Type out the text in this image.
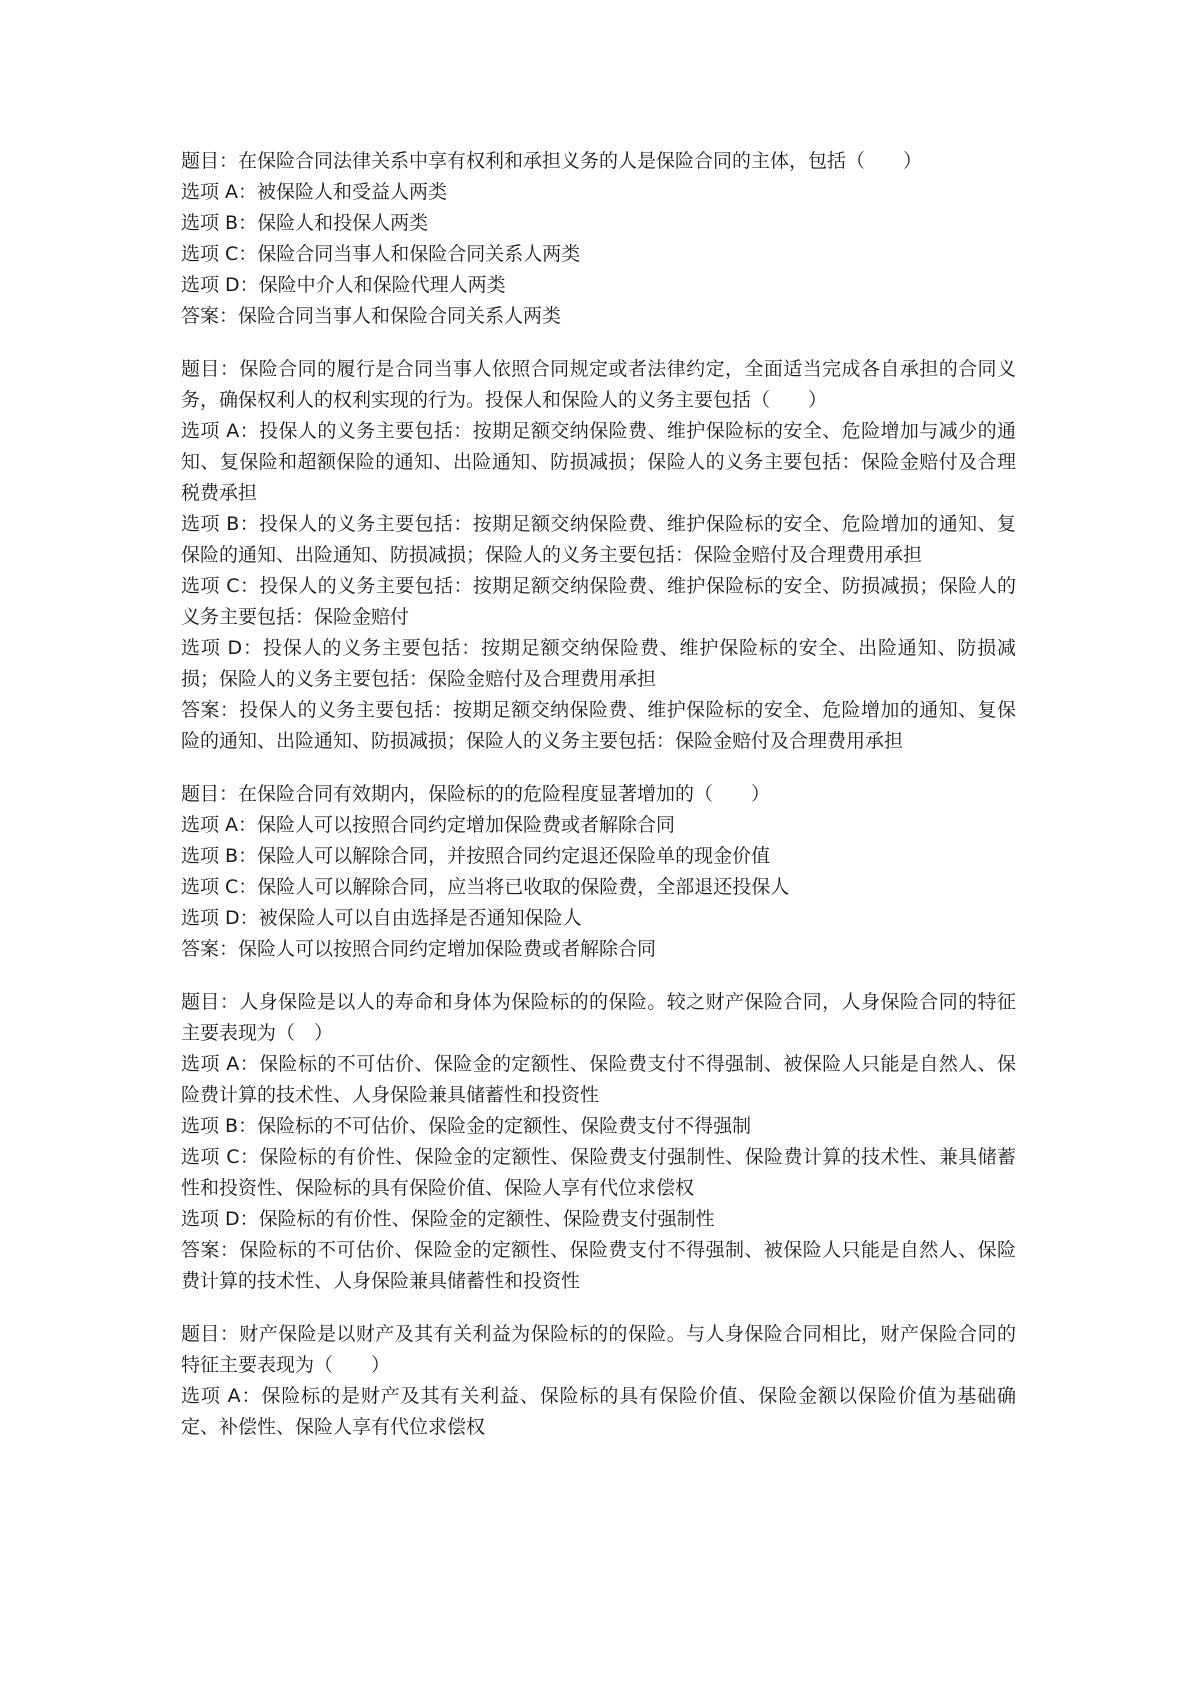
题目：在保险合同法律关系中享有权利和承担义务的人是保险合同的主体，包括（　　）

选项 A：被保险人和受益人两类

选项 B：保险人和投保人两类

选项 C：保险合同当事人和保险合同关系人两类

选项 D：保险中介人和保险代理人两类

答案：保险合同当事人和保险合同关系人两类

题目：保险合同的履行是合同当事人依照合同规定或者法律约定，全面适当完成各自承担的合同义务，确保权利人的权利实现的行为。投保人和保险人的义务主要包括（　　）

选项 A：投保人的义务主要包括：按期足额交纳保险费、维护保险标的安全、危险增加与减少的通知、复保险和超额保险的通知、出险通知、防损减损；保险人的义务主要包括：保险金赔付及合理税费承担

选项 B：投保人的义务主要包括：按期足额交纳保险费、维护保险标的安全、危险增加的通知、复保险的通知、出险通知、防损减损；保险人的义务主要包括：保险金赔付及合理费用承担

选项 C：投保人的义务主要包括：按期足额交纳保险费、维护保险标的安全、防损减损；保险人的义务主要包括：保险金赔付

选项 D：投保人的义务主要包括：按期足额交纳保险费、维护保险标的安全、出险通知、防损减损；保险人的义务主要包括：保险金赔付及合理费用承担

答案：投保人的义务主要包括：按期足额交纳保险费、维护保险标的安全、危险增加的通知、复保险的通知、出险通知、防损减损；保险人的义务主要包括：保险金赔付及合理费用承担

题目：在保险合同有效期内，保险标的的危险程度显著增加的（　　）

选项 A：保险人可以按照合同约定增加保险费或者解除合同

选项 B：保险人可以解除合同，并按照合同约定退还保险单的现金价值

选项 C：保险人可以解除合同，应当将已收取的保险费，全部退还投保人

选项 D：被保险人可以自由选择是否通知保险人

答案：保险人可以按照合同约定增加保险费或者解除合同

题目：人身保险是以人的寿命和身体为保险标的的保险。较之财产保险合同，人身保险合同的特征主要表现为（　）

选项 A：保险标的不可估价、保险金的定额性、保险费支付不得强制、被保险人只能是自然人、保险费计算的技术性、人身保险兼具储蓄性和投资性

选项 B：保险标的不可估价、保险金的定额性、保险费支付不得强制

选项 C：保险标的有价性、保险金的定额性、保险费支付强制性、保险费计算的技术性、兼具储蓄性和投资性、保险标的具有保险价值、保险人享有代位求偿权

选项 D：保险标的有价性、保险金的定额性、保险费支付强制性

答案：保险标的不可估价、保险金的定额性、保险费支付不得强制、被保险人只能是自然人、保险费计算的技术性、人身保险兼具储蓄性和投资性

题目：财产保险是以财产及其有关利益为保险标的的保险。与人身保险合同相比，财产保险合同的特征主要表现为（　　）

选项 A：保险标的是财产及其有关利益、保险标的具有保险价值、保险金额以保险价值为基础确定、补偿性、保险人享有代位求偿权
